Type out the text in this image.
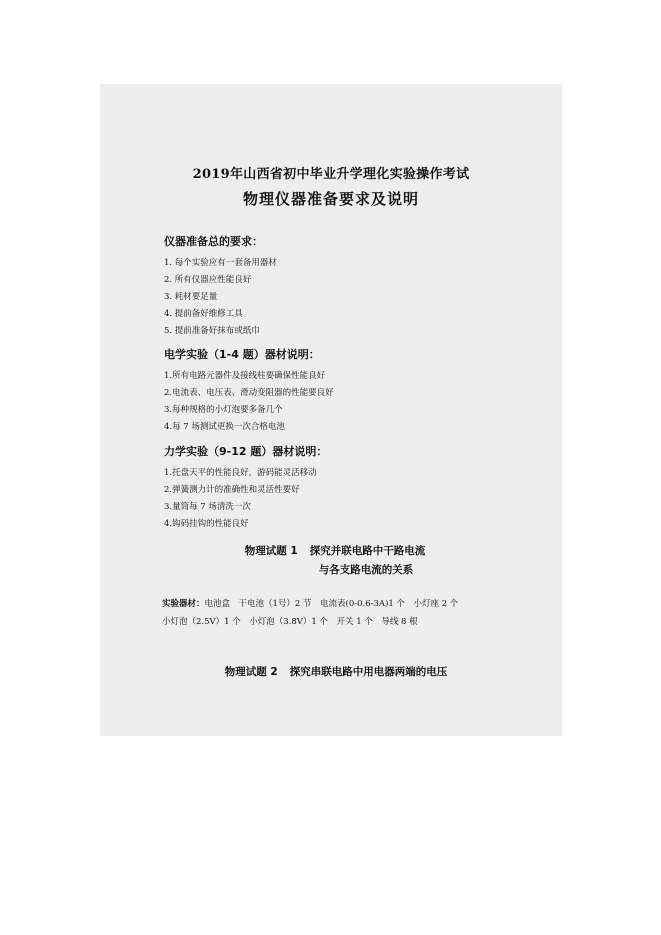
2019年山西省初中毕业升学理化实验操作考试
物理仪器准备要求及说明
仪器准备总的要求：
1. 每个实验应有一套备用器材
2. 所有仪器应性能良好
3. 耗材要足量
4. 提前备好维修工具
5. 提前准备好抹布或纸巾
电学实验（1-4 题）器材说明：
1.所有电路元器件及接线柱要确保性能良好
2.电流表、电压表、滑动变阻器的性能要良好
3.每种规格的小灯泡要多备几个
4.每 7 场测试更换一次合格电池
力学实验（9-12 题）器材说明：
1.托盘天平的性能良好，游码能灵活移动
2.弹簧测力计的准确性和灵活性要好
3.量筒每 7 场清洗一次
4.钩码挂钩的性能良好
物理试题 1 探究并联电路中干路电流
与各支路电流的关系
实验器材：电池盒　干电池（1号）2 节　电流表(0-0.6-3A)1 个　小灯座 2 个
小灯泡（2.5V）1 个　小灯泡（3.8V）1 个　开关 1 个　导线 8 根
物理试题 2 探究串联电路中用电器两端的电压
